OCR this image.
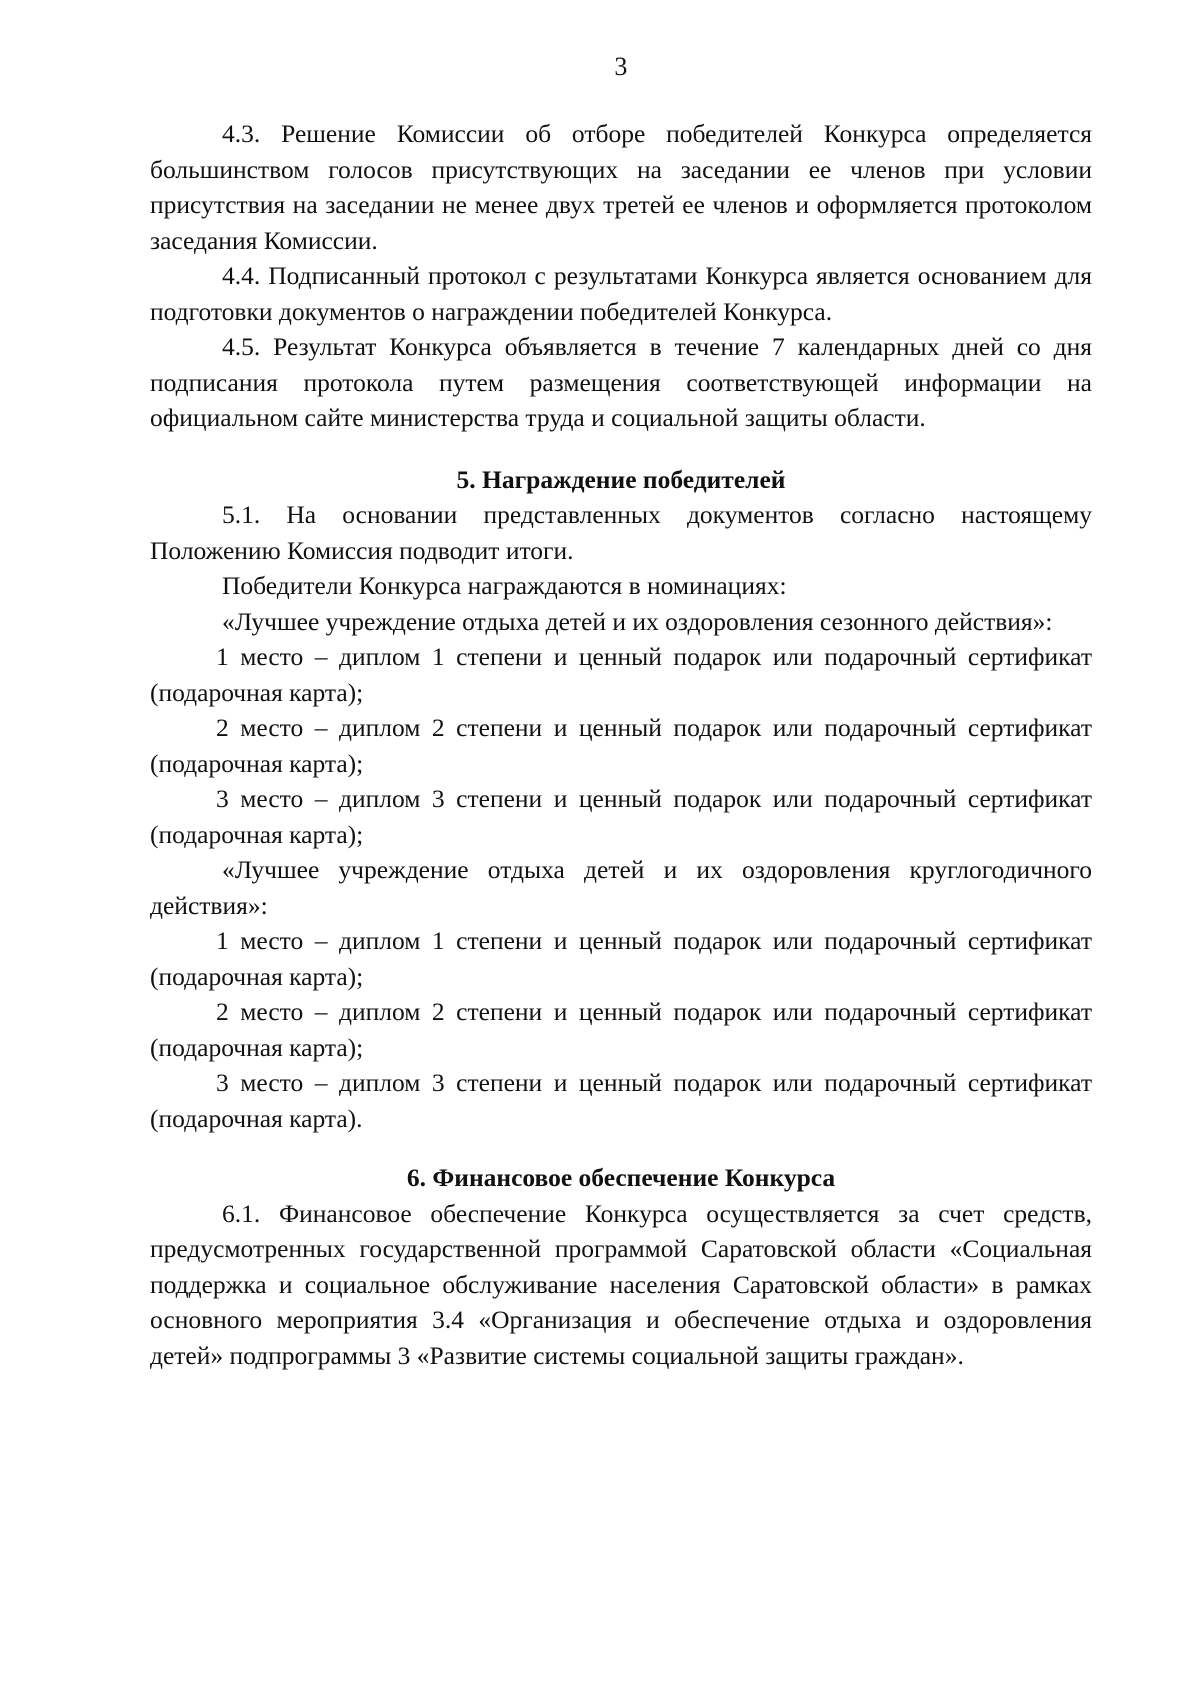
3

4.3. Решение Комиссии об отборе победителей Конкурса определяется большинством голосов присутствующих на заседании ее членов при условии присутствия на заседании не менее двух третей ее членов и оформляется протоколом заседания Комиссии.

4.4. Подписанный протокол с результатами Конкурса является основанием для подготовки документов о награждении победителей Конкурса.

4.5. Результат Конкурса объявляется в течение 7 календарных дней со дня подписания протокола путем размещения соответствующей информации на официальном сайте министерства труда и социальной защиты области.

5. Награждение победителей

5.1. На основании представленных документов согласно настоящему Положению Комиссия подводит итоги.

Победители Конкурса награждаются в номинациях:

«Лучшее учреждение отдыха детей и их оздоровления сезонного действия»:

1 место – диплом 1 степени и ценный подарок или подарочный сертификат (подарочная карта);

2 место – диплом 2 степени и ценный подарок или подарочный сертификат (подарочная карта);

3 место – диплом 3 степени и ценный подарок или подарочный сертификат (подарочная карта);

«Лучшее учреждение отдыха детей и их оздоровления круглогодичного действия»:

1 место – диплом 1 степени и ценный подарок или подарочный сертификат (подарочная карта);

2 место – диплом 2 степени и ценный подарок или подарочный сертификат (подарочная карта);

3 место – диплом 3 степени и ценный подарок или подарочный сертификат (подарочная карта).

6. Финансовое обеспечение Конкурса

6.1. Финансовое обеспечение Конкурса осуществляется за счет средств, предусмотренных государственной программой Саратовской области «Социальная поддержка и социальное обслуживание населения Саратовской области» в рамках основного мероприятия 3.4 «Организация и обеспечение отдыха и оздоровления детей» подпрограммы 3 «Развитие системы социальной защиты граждан».
